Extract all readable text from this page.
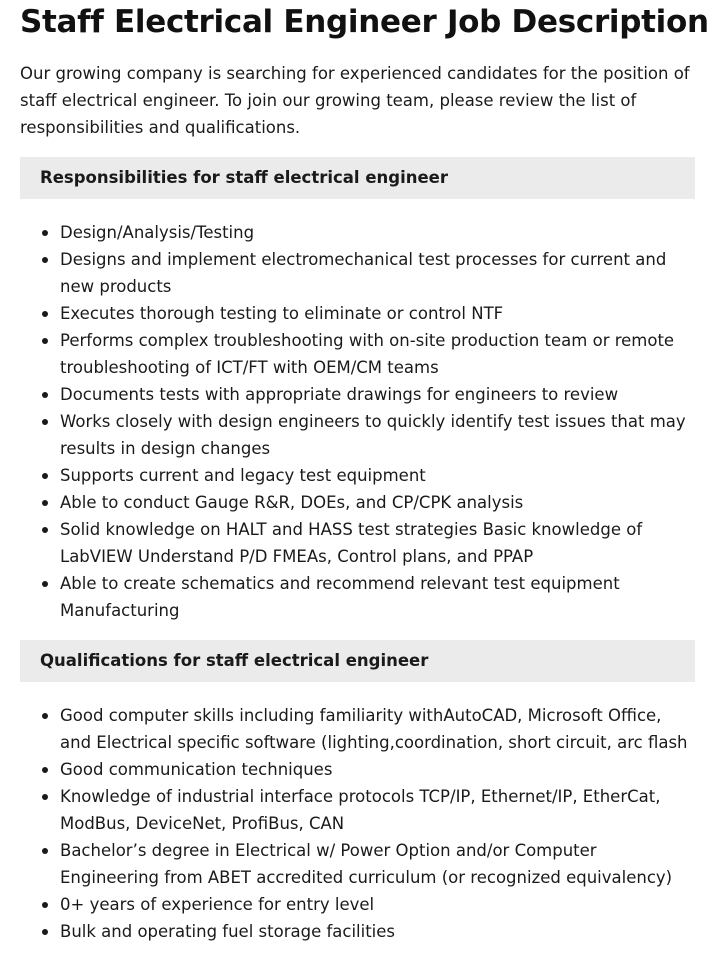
Staff Electrical Engineer Job Description

Our growing company is searching for experienced candidates for the position of staff electrical engineer. To join our growing team, please review the list of responsibilities and qualifications.

Responsibilities for staff electrical engineer
Design/Analysis/Testing
Designs and implement electromechanical test processes for current and new products
Executes thorough testing to eliminate or control NTF
Performs complex troubleshooting with on-site production team or remote troubleshooting of ICT/FT with OEM/CM teams
Documents tests with appropriate drawings for engineers to review
Works closely with design engineers to quickly identify test issues that may results in design changes
Supports current and legacy test equipment
Able to conduct Gauge R&R, DOEs, and CP/CPK analysis
Solid knowledge on HALT and HASS test strategies Basic knowledge of LabVIEW Understand P/D FMEAs, Control plans, and PPAP
Able to create schematics and recommend relevant test equipment Manufacturing
Qualifications for staff electrical engineer
Good computer skills including familiarity withAutoCAD, Microsoft Office, and Electrical specific software (lighting,coordination, short circuit, arc flash
Good communication techniques
Knowledge of industrial interface protocols TCP/IP, Ethernet/IP, EtherCat, ModBus, DeviceNet, ProfiBus, CAN
Bachelor’s degree in Electrical w/ Power Option and/or Computer Engineering from ABET accredited curriculum (or recognized equivalency)
0+ years of experience for entry level
Bulk and operating fuel storage facilities
